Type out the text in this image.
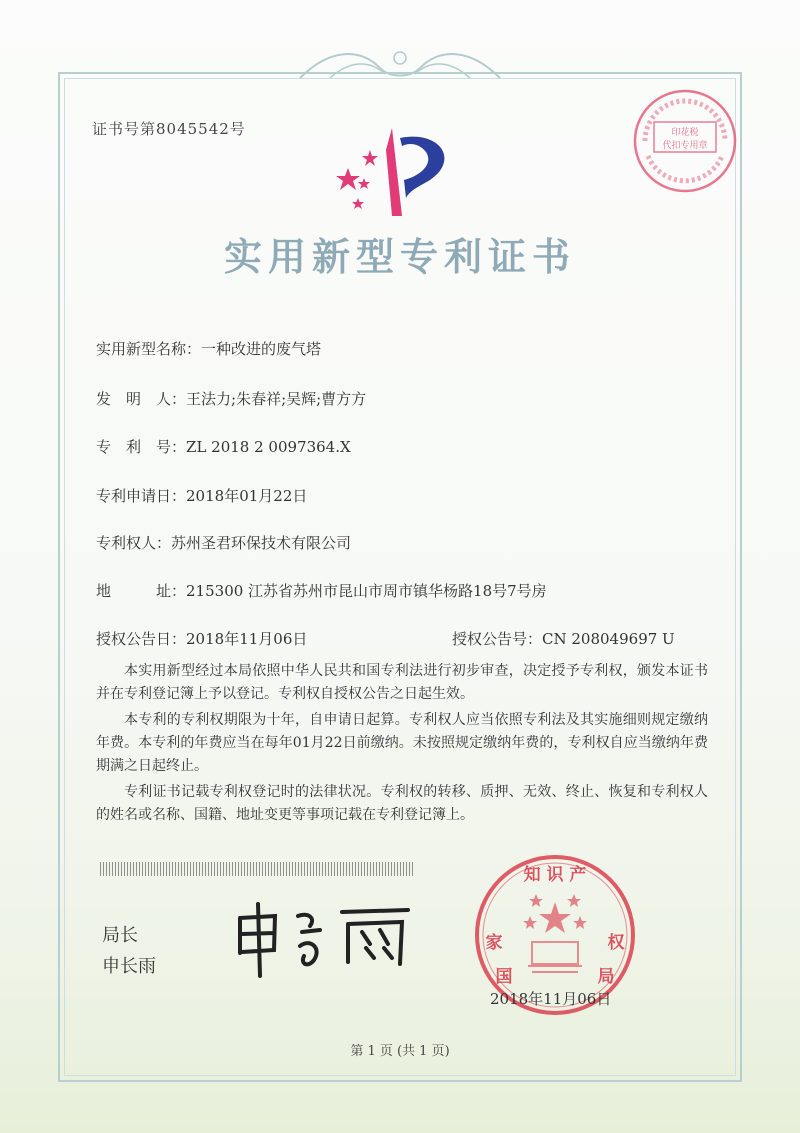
证书号第8045542号
实用新型专利证书
印花税
代扣专用章
实用新型名称：一种改进的废气塔
发　明　人：王法力;朱春祥;吴辉;曹方方
专　利　号：ZL 2018 2 0097364.X
专利申请日：2018年01月22日
专利权人：苏州圣君环保技术有限公司
地　　　址：215300 江苏省苏州市昆山市周市镇华杨路18号7号房
授权公告日：2018年11月06日	授权公告号：CN 208049697 U

本实用新型经过本局依照中华人民共和国专利法进行初步审查，决定授予专利权，颁发本证书并在专利登记簿上予以登记。专利权自授权公告之日起生效。

本专利的专利权期限为十年，自申请日起算。专利权人应当依照专利法及其实施细则规定缴纳年费。本专利的年费应当在每年01月22日前缴纳。未按照规定缴纳年费的，专利权自应当缴纳年费期满之日起终止。

专利证书记载专利权登记时的法律状况。专利权的转移、质押、无效、终止、恢复和专利权人的姓名或名称、国籍、地址变更等事项记载在专利登记簿上。

局长
申长雨
知 识 产
家	权
国	局
2018年11月06日
第 1 页 (共 1 页)
